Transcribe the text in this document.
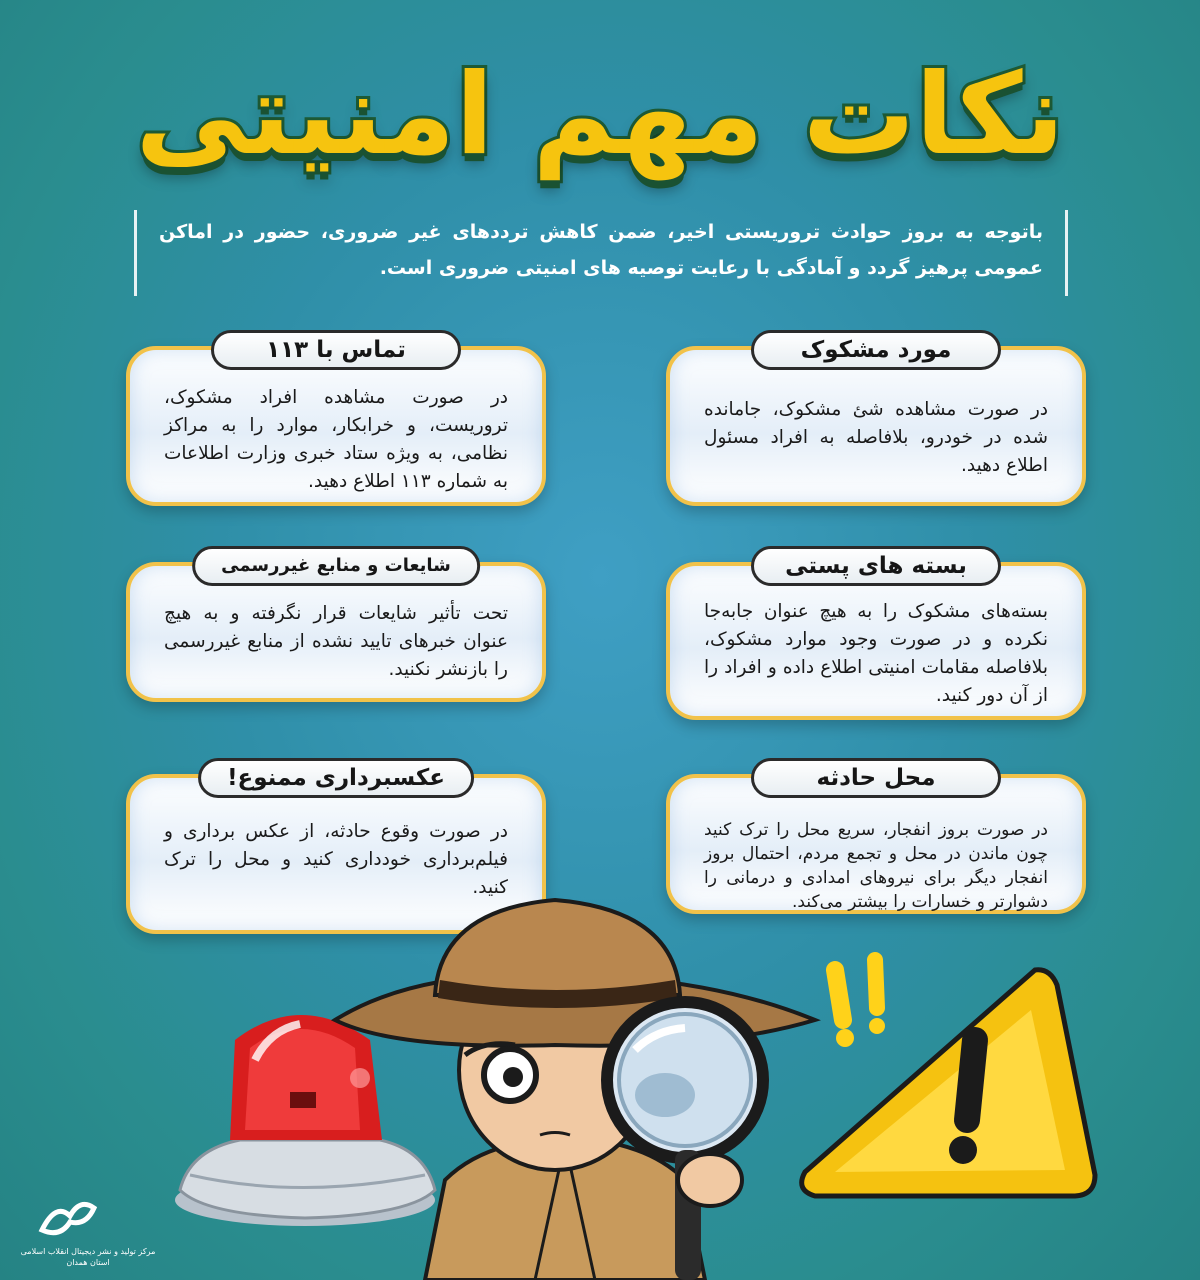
نکات مهم امنیتی
باتوجه به بروز حوادث تروریستی اخیر، ضمن کاهش ترددهای غیر ضروری، حضور در اماکن عمومی پرهیز گردد و آمادگی با رعایت توصیه های امنیتی ضروری است.
مورد مشکوک
در صورت مشاهده شئ مشکوک، جامانده شده در خودرو، بلافاصله به افراد مسئول اطلاع دهید.
تماس با ۱۱۳
در صورت مشاهده افراد مشکوک، تروریست، و خرابکار، موارد را به مراکز نظامی، به ویژه ستاد خبری وزارت اطلاعات به شماره ۱۱۳ اطلاع دهید.
بسته های پستی
بسته‌های مشکوک را به هیچ عنوان جابه‌جا نکرده و در صورت وجود موارد مشکوک، بلافاصله مقامات امنیتی اطلاع داده و افراد را از آن دور کنید.
شایعات و منابع غیررسمی
تحت تأثیر شایعات قرار نگرفته و به هیچ عنوان خبرهای تایید نشده از منابع غیررسمی را بازنشر نکنید.
محل حادثه
در صورت بروز انفجار، سریع محل را ترک کنید چون ماندن در محل و تجمع مردم، احتمال بروز انفجار دیگر برای نیروهای امدادی و درمانی را دشوارتر و خسارات را بیشتر می‌کند.
عکسبرداری ممنوع!
در صورت وقوع حادثه، از عکس برداری و فیلم‌برداری خودداری کنید و محل را ترک کنید.
مرکز تولید و نشر دیجیتال انقلاب اسلامی استان همدان
